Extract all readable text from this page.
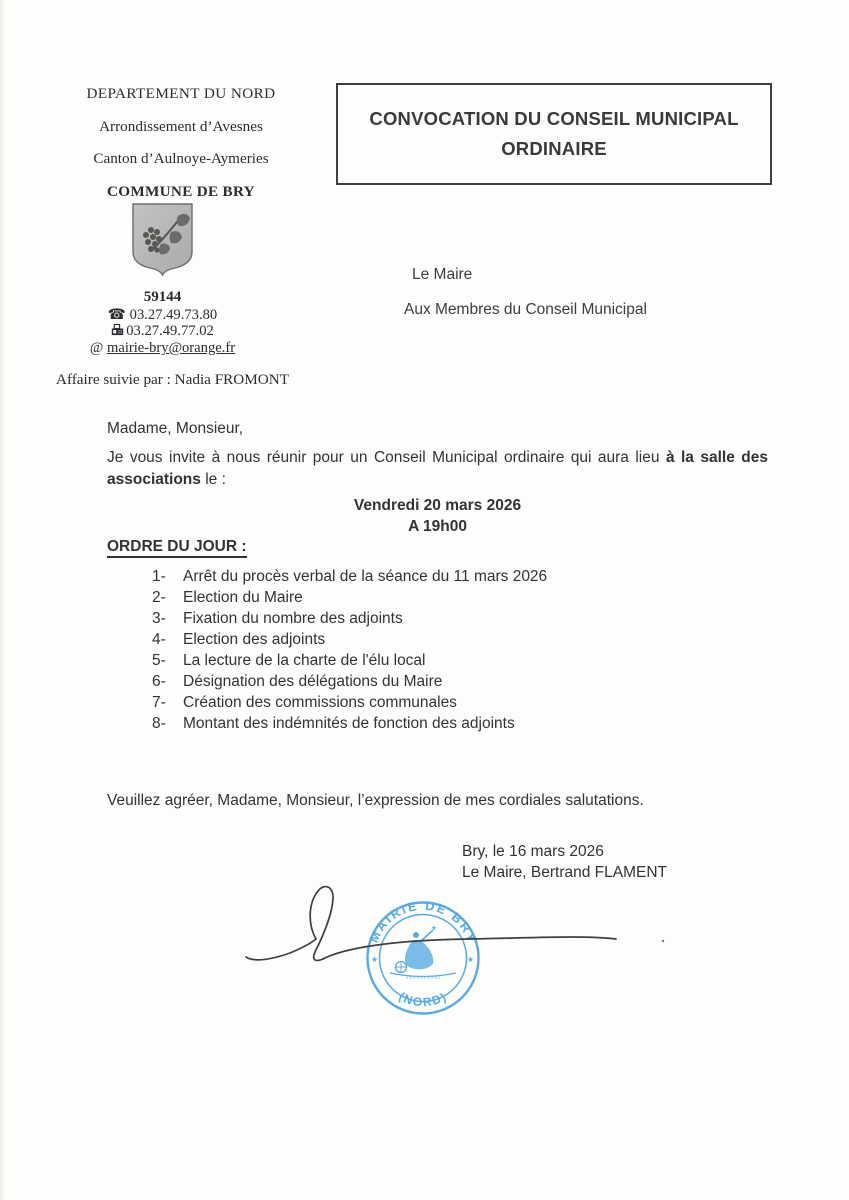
DEPARTEMENT DU NORD
Arrondissement d’Avesnes
Canton d’Aulnoye-Aymeries
COMMUNE DE BRY
59144
☎ 03.27.49.73.80
03.27.49.77.02
@ mairie-bry@orange.fr
Affaire suivie par : Nadia FROMONT
CONVOCATION DU CONSEIL MUNICIPAL
ORDINAIRE
Le Maire
Aux Membres du Conseil Municipal
Madame, Monsieur,
Je vous invite à nous réunir pour un Conseil Municipal ordinaire qui aura lieu à la salle des
associations le :
Vendredi 20 mars 2026
A 19h00
ORDRE DU JOUR :
1-	Arrêt du procès verbal de la séance du 11 mars 2026
2-	Election du Maire
3-	Fixation du nombre des adjoints
4-	Election des adjoints
5-	La lecture de la charte de l'élu local
6-	Désignation des délégations du Maire
7-	Création des commissions communales
8-	Montant des indémnités de fonction des adjoints
Veuillez agréer, Madame, Monsieur, l’expression de mes cordiales salutations.
Bry, le 16 mars 2026
Le Maire, Bertrand FLAMENT
MAIRIE DE BRY
(NORD)
★	★
★
